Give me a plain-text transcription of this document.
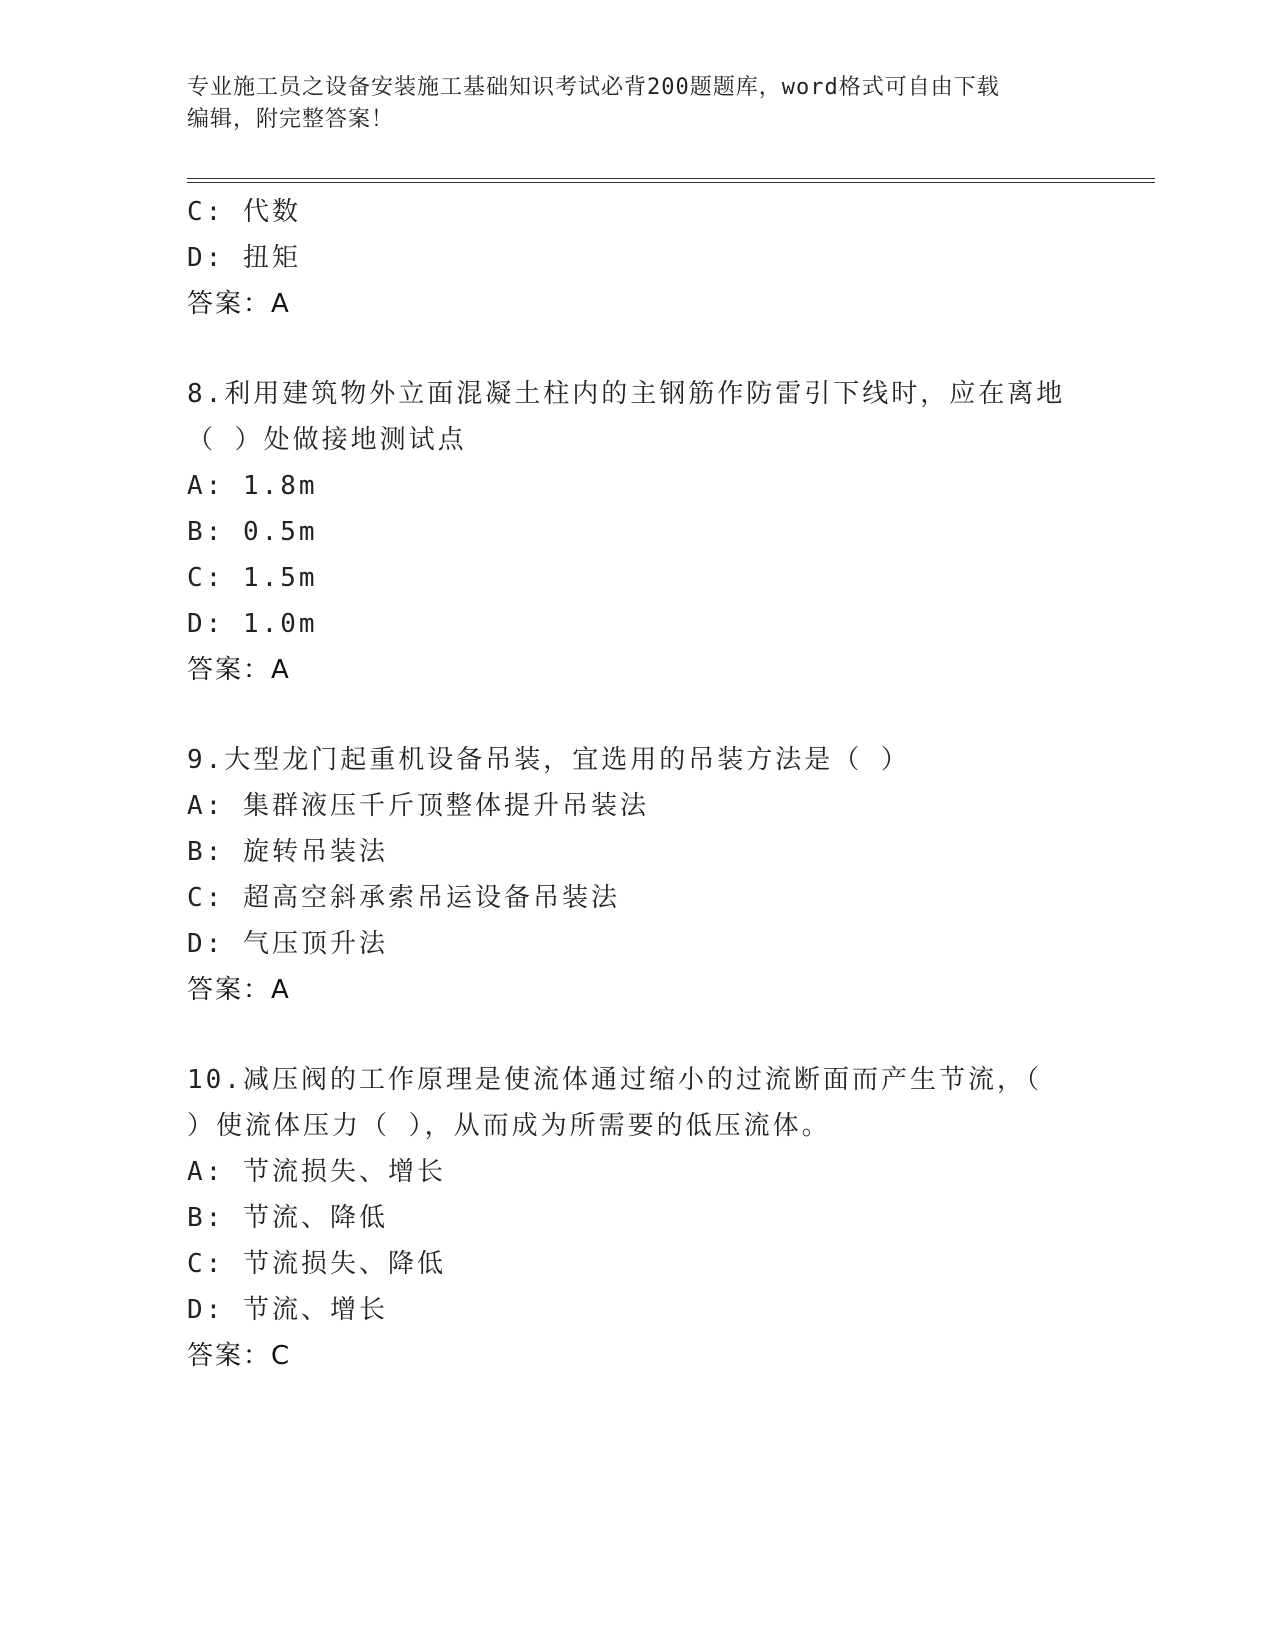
专业施工员之设备安装施工基础知识考试必背200题题库，word格式可自由下载
编辑，附完整答案！
C: 代数
D: 扭矩
答案：A
8.利用建筑物外立面混凝土柱内的主钢筋作防雷引下线时，应在离地
（ ）处做接地测试点
A: 1.8m
B: 0.5m
C: 1.5m
D: 1.0m
答案：A
9.大型龙门起重机设备吊装，宜选用的吊装方法是（ ）
A: 集群液压千斤顶整体提升吊装法
B: 旋转吊装法
C: 超高空斜承索吊运设备吊装法
D: 气压顶升法
答案：A
10.减压阀的工作原理是使流体通过缩小的过流断面而产生节流，（
）使流体压力（ ），从而成为所需要的低压流体。
A: 节流损失、增长
B: 节流、降低
C: 节流损失、降低
D: 节流、增长
答案：C
